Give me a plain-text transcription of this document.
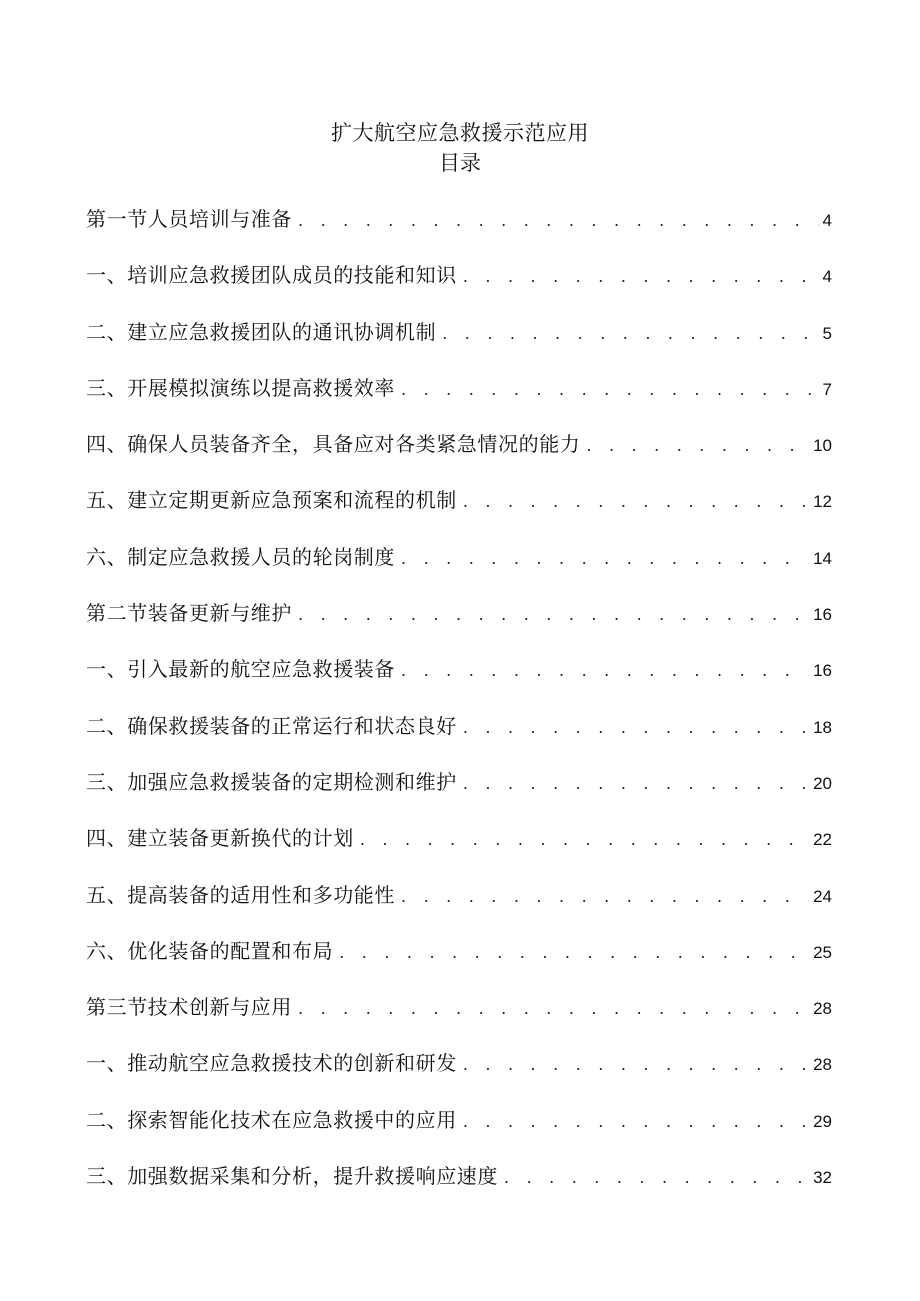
扩大航空应急救援示范应用
目录
第一节人员培训与准备 . . .	4
一、培训应急救援团队成员的技能和知识 . . .	4
二、建立应急救援团队的通讯协调机制 . . .	5
三、开展模拟演练以提高救援效率 . . .	7
四、确保人员装备齐全，具备应对各类紧急情况的能力 . . .	10
五、建立定期更新应急预案和流程的机制 . . .	12
六、制定应急救援人员的轮岗制度 . . .	14
第二节装备更新与维护 . . .	16
一、引入最新的航空应急救援装备 . . .	16
二、确保救援装备的正常运行和状态良好 . . .	18
三、加强应急救援装备的定期检测和维护 . . .	20
四、建立装备更新换代的计划 . . .	22
五、提高装备的适用性和多功能性 . . .	24
六、优化装备的配置和布局 . . .	25
第三节技术创新与应用 . . .	28
一、推动航空应急救援技术的创新和研发 . . .	28
二、探索智能化技术在应急救援中的应用 . . .	29
三、加强数据采集和分析，提升救援响应速度 . . .	32
